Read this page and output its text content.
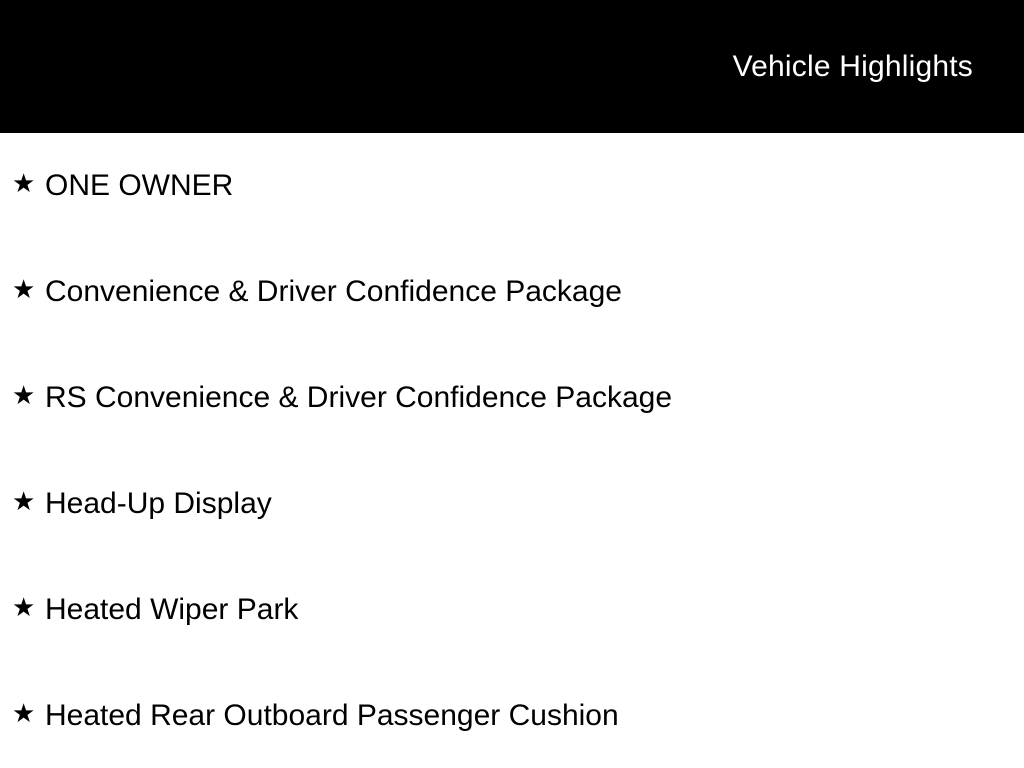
Vehicle Highlights
★ ONE OWNER
★ Convenience & Driver Confidence Package
★ RS Convenience & Driver Confidence Package
★ Head-Up Display
★ Heated Wiper Park
★ Heated Rear Outboard Passenger Cushion
